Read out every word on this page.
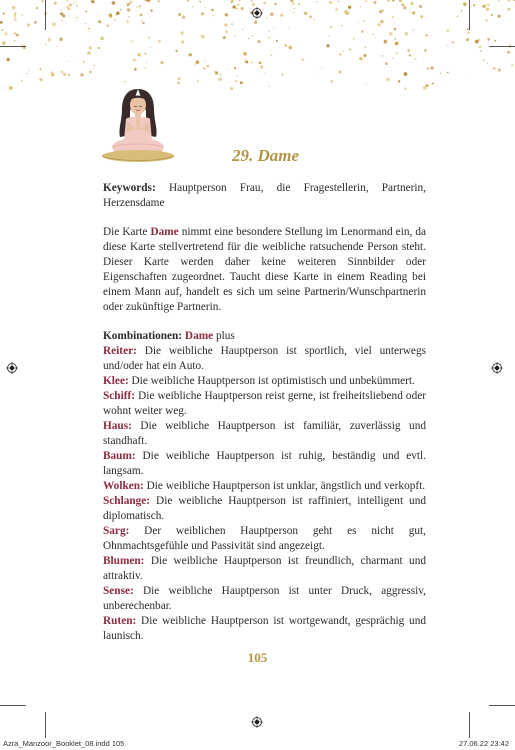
29. Dame

Keywords: Hauptperson Frau, die Fragestellerin, Partnerin, Herzensdame

Die Karte Dame nimmt eine besondere Stellung im Lenormand ein, da diese Karte stellvertretend für die weibliche ratsuchende Person steht. Dieser Karte werden daher keine weiteren Sinnbilder oder Eigenschaften zugeordnet. Taucht diese Karte in einem Reading bei einem Mann auf, handelt es sich um seine Partnerin/Wunschpartnerin oder zukünftige Partnerin.

Kombinationen: Dame plus

Reiter: Die weibliche Hauptperson ist sportlich, viel unterwegs und/oder hat ein Auto.

Klee: Die weibliche Hauptperson ist optimistisch und unbekümmert.

Schiff: Die weibliche Hauptperson reist gerne, ist freiheitsliebend oder wohnt weiter weg.

Haus: Die weibliche Hauptperson ist familiär, zuverlässig und standhaft.

Baum: Die weibliche Hauptperson ist ruhig, beständig und evtl. langsam.

Wolken: Die weibliche Hauptperson ist unklar, ängstlich und verkopft.

Schlange: Die weibliche Hauptperson ist raffiniert, intelligent und diplomatisch.

Sarg: Der weiblichen Hauptperson geht es nicht gut, Ohnmachtsgefühle und Passivität sind angezeigt.

Blumen: Die weibliche Hauptperson ist freundlich, charmant und attraktiv.

Sense: Die weibliche Hauptperson ist unter Druck, aggressiv, unberechenbar.

Ruten: Die weibliche Hauptperson ist wortgewandt, gesprächig und launisch.

105
Azra_Manzoor_Booklet_08.indd 105	27.06.22 23:42
